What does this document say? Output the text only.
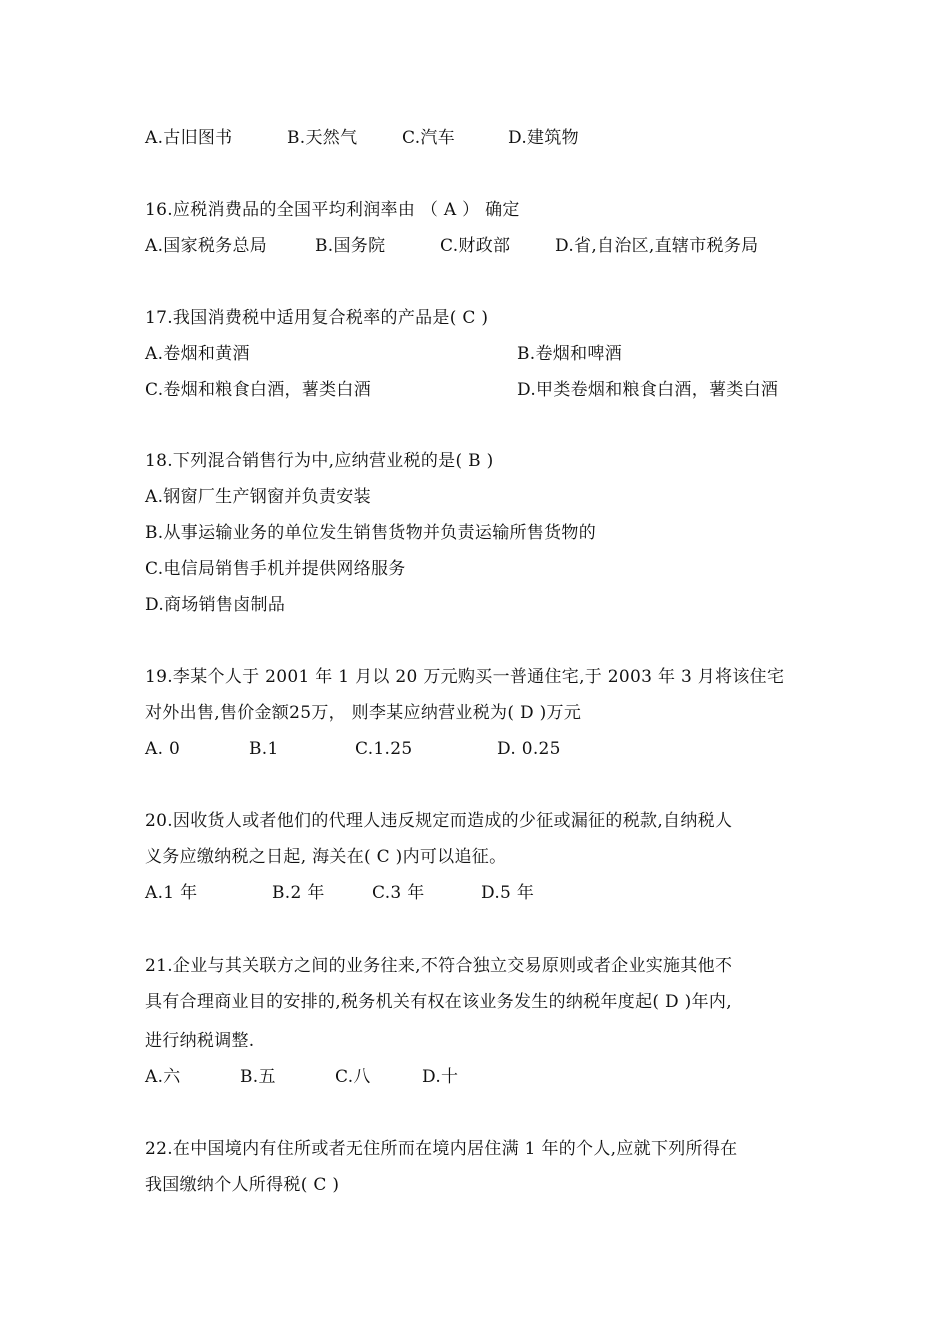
A.古旧图书	B.天然气	C.汽车	D.建筑物
16.应税消费品的全国平均利润率由 （ A ） 确定
A.国家税务总局	B.国务院	C.财政部	D.省,自治区,直辖市税务局
17.我国消费税中适用复合税率的产品是( C )
A.卷烟和黄酒	B.卷烟和啤酒
C.卷烟和粮食白酒，薯类白酒	D.甲类卷烟和粮食白酒，薯类白酒
18.下列混合销售行为中,应纳营业税的是( B )
A.钢窗厂生产钢窗并负责安装
B.从事运输业务的单位发生销售货物并负责运输所售货物的
C.电信局销售手机并提供网络服务
D.商场销售卤制品
19.李某个人于 2001 年 1 月以 20 万元购买一普通住宅,于 2003 年 3 月将该住宅
对外出售,售价金额25万， 则李某应纳营业税为( D )万元
A. 0	B.1	C.1.25	D. 0.25
20.因收货人或者他们的代理人违反规定而造成的少征或漏征的税款,自纳税人
义务应缴纳税之日起, 海关在( C )内可以追征。
A.1 年	B.2 年	C.3 年	D.5 年
21.企业与其关联方之间的业务往来,不符合独立交易原则或者企业实施其他不
具有合理商业目的安排的,税务机关有权在该业务发生的纳税年度起( D )年内,
进行纳税调整.
A.六	B.五	C.八	D.十
22.在中国境内有住所或者无住所而在境内居住满 1 年的个人,应就下列所得在
我国缴纳个人所得税( C )
